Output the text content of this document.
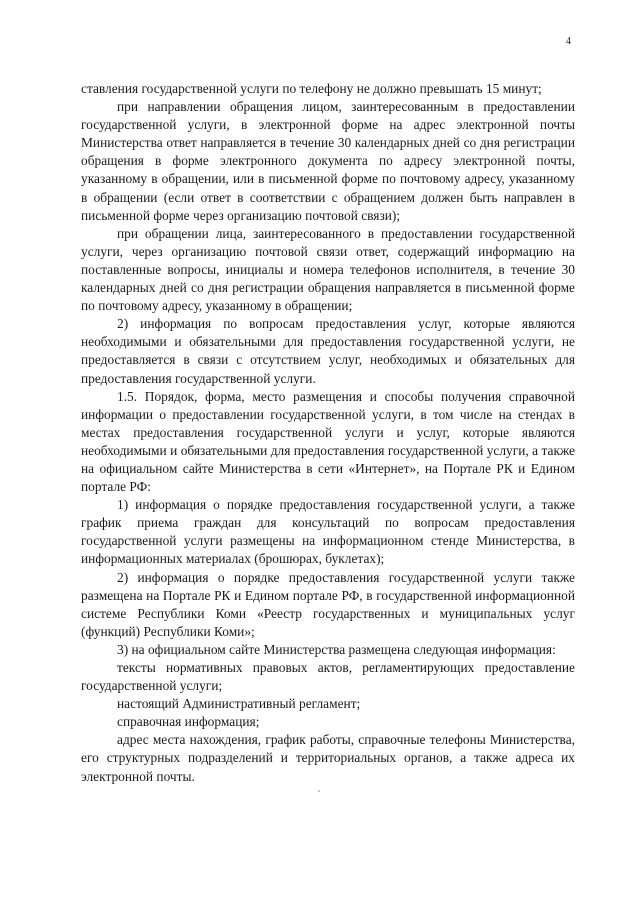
4

ставления государственной услуги по телефону не должно превышать 15 минут;

при направлении обращения лицом, заинтересованным в предоставлении государственной услуги, в электронной форме на адрес электронной почты Министерства ответ направляется в течение 30 календарных дней со дня регистрации обращения в форме электронного документа по адресу электронной почты, указанному в обращении, или в письменной форме по почтовому адресу, указанному в обращении (если ответ в соответствии с обращением должен быть направлен в письменной форме через организацию почтовой связи);

при обращении лица, заинтересованного в предоставлении государственной услуги, через организацию почтовой связи ответ, содержащий информацию на поставленные вопросы, инициалы и номера телефонов исполнителя, в течение 30 календарных дней со дня регистрации обращения направляется в письменной форме по почтовому адресу, указанному в обращении;

2) информация по вопросам предоставления услуг, которые являются необходимыми и обязательными для предоставления государственной услуги, не предоставляется в связи с отсутствием услуг, необходимых и обязательных для предоставления государственной услуги.

1.5. Порядок, форма, место размещения и способы получения справочной информации о предоставлении государственной услуги, в том числе на стендах в местах предоставления государственной услуги и услуг, которые являются необходимыми и обязательными для предоставления государственной услуги, а также на официальном сайте Министерства в сети «Интернет», на Портале РК и Едином портале РФ:

1) информация о порядке предоставления государственной услуги, а также график приема граждан для консультаций по вопросам предоставления государственной услуги размещены на информационном стенде Министерства, в информационных материалах (брошюрах, буклетах);

2) информация о порядке предоставления государственной услуги также размещена на Портале РК и Едином портале РФ, в государственной информационной системе Республики Коми «Реестр государственных и муниципальных услуг (функций) Республики Коми»;

3) на официальном сайте Министерства размещена следующая информация:

тексты нормативных правовых актов, регламентирующих предоставление государственной услуги;

настоящий Административный регламент;

справочная информация;

адрес места нахождения, график работы, справочные телефоны Министерства, его структурных подразделений и территориальных органов, а также адреса их электронной почты.
